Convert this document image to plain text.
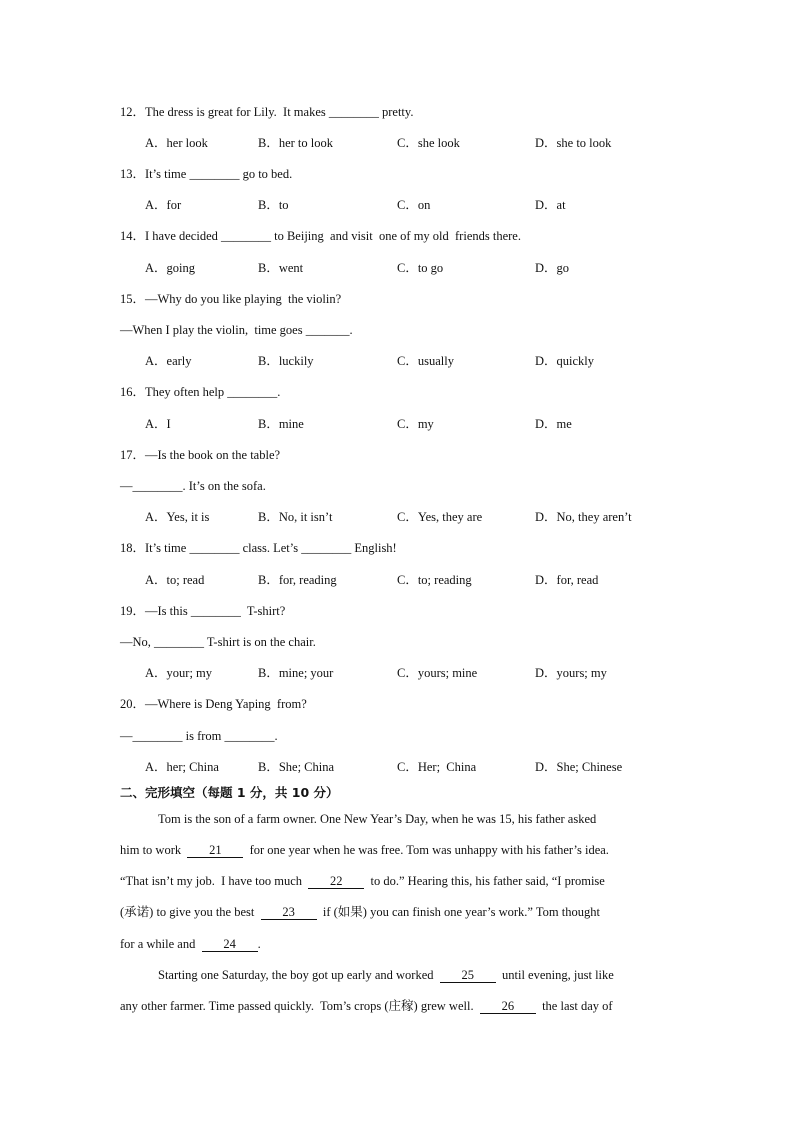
12．The dress is great for Lily.  It makes ________ pretty.
A．her look	B．her to look	C．she look	D．she to look
13．It’s time ________ go to bed.
A．for	B．to	C．on	D．at
14．I have decided ________ to Beijing  and visit  one of my old  friends there.
A．going	B．went	C．to go	D．go
15．—Why do you like playing  the violin?
—When I play the violin,  time goes _______.
A．early	B．luckily	C．usually	D．quickly
16．They often help ________.
A．I	B．mine	C．my	D．me
17．—Is the book on the table?
—________. It’s on the sofa.
A．Yes, it is	B．No, it isn’t	C．Yes, they are	D．No, they aren’t
18．It’s time ________ class. Let’s ________ English!
A．to; read	B．for, reading	C．to; reading	D．for, read
19．—Is this ________  T-shirt?
—No, ________ T-shirt is on the chair.
A．your; my	B．mine; your	C．yours; mine	D．yours; my
20．—Where is Deng Yaping  from?
—________ is from ________.
A．her; China	B．She; China	C．Her;  China	D．She; Chinese
二、完形填空（每题 1 分，共 10 分）
Tom is the son of a farm owner. One New Year’s Day, when he was 15, his father asked
him to work  21  for one year when he was free. Tom was unhappy with his father’s idea.
“That isn’t my job.  I have too much  22  to do.” Hearing this, his father said, “I promise
(承诺) to give you the best  23  if (如果) you can finish one year’s work.” Tom thought
for a while and  24 .
Starting one Saturday, the boy got up early and worked  25  until evening, just like
any other farmer. Time passed quickly.  Tom’s crops (庄稼) grew well.  26  the last day of
